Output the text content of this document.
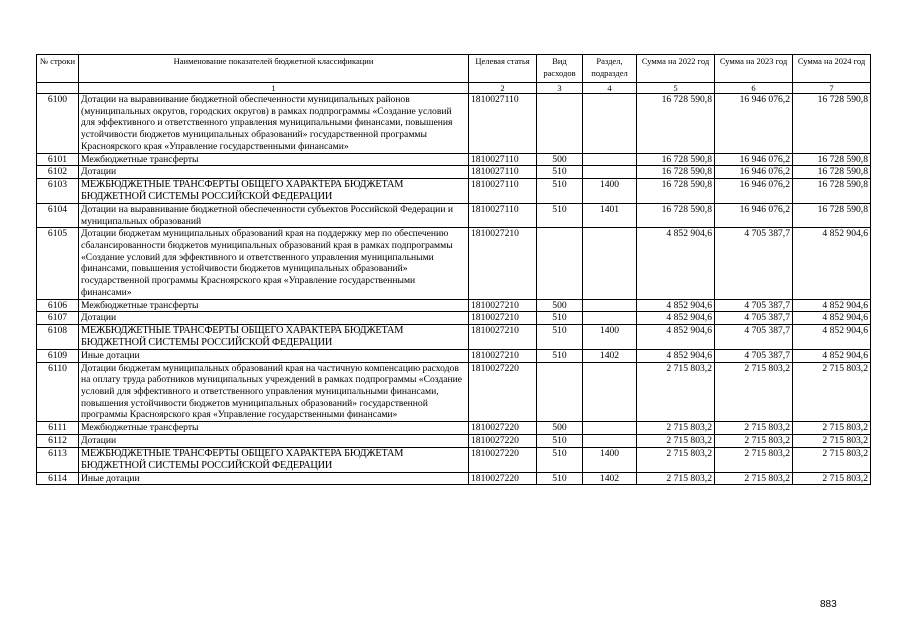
№ строки	Наименование показателей бюджетной классификации	Целевая статья	Вид расходов	Раздел, подраздел	Сумма на 2022 год	Сумма на 2023 год	Сумма на 2024 год
	1	2	3	4	5	6	7
6100	Дотации на выравнивание бюджетной обеспеченности муниципальных районов (муниципальных округов, городских округов) в рамках подпрограммы «Создание условий для эффективного и ответственного управления муниципальными финансами, повышения устойчивости бюджетов муниципальных образований» государственной программы Красноярского края «Управление государственными финансами»	1810027110			16 728 590,8	16 946 076,2	16 728 590,8
6101	Межбюджетные трансферты	1810027110	500		16 728 590,8	16 946 076,2	16 728 590,8
6102	Дотации	1810027110	510		16 728 590,8	16 946 076,2	16 728 590,8
6103	МЕЖБЮДЖЕТНЫЕ ТРАНСФЕРТЫ ОБЩЕГО ХАРАКТЕРА БЮДЖЕТАМ БЮДЖЕТНОЙ СИСТЕМЫ РОССИЙСКОЙ ФЕДЕРАЦИИ	1810027110	510	1400	16 728 590,8	16 946 076,2	16 728 590,8
6104	Дотации на выравнивание бюджетной обеспеченности субъектов Российской Федерации и муниципальных образований	1810027110	510	1401	16 728 590,8	16 946 076,2	16 728 590,8
6105	Дотации бюджетам муниципальных образований края на поддержку мер по обеспечению сбалансированности бюджетов муниципальных образований края в рамках подпрограммы «Создание условий для эффективного и ответственного управления муниципальными финансами, повышения устойчивости бюджетов муниципальных образований» государственной программы Красноярского края «Управление государственными финансами»	1810027210			4 852 904,6	4 705 387,7	4 852 904,6
6106	Межбюджетные трансферты	1810027210	500		4 852 904,6	4 705 387,7	4 852 904,6
6107	Дотации	1810027210	510		4 852 904,6	4 705 387,7	4 852 904,6
6108	МЕЖБЮДЖЕТНЫЕ ТРАНСФЕРТЫ ОБЩЕГО ХАРАКТЕРА БЮДЖЕТАМ БЮДЖЕТНОЙ СИСТЕМЫ РОССИЙСКОЙ ФЕДЕРАЦИИ	1810027210	510	1400	4 852 904,6	4 705 387,7	4 852 904,6
6109	Иные дотации	1810027210	510	1402	4 852 904,6	4 705 387,7	4 852 904,6
6110	Дотации бюджетам муниципальных образований края на частичную компенсацию расходов на оплату труда работников муниципальных учреждений в рамках подпрограммы «Создание условий для эффективного и ответственного управления муниципальными финансами, повышения устойчивости бюджетов муниципальных образований» государственной программы Красноярского края «Управление государственными финансами»	1810027220			2 715 803,2	2 715 803,2	2 715 803,2
6111	Межбюджетные трансферты	1810027220	500		2 715 803,2	2 715 803,2	2 715 803,2
6112	Дотации	1810027220	510		2 715 803,2	2 715 803,2	2 715 803,2
6113	МЕЖБЮДЖЕТНЫЕ ТРАНСФЕРТЫ ОБЩЕГО ХАРАКТЕРА БЮДЖЕТАМ БЮДЖЕТНОЙ СИСТЕМЫ РОССИЙСКОЙ ФЕДЕРАЦИИ	1810027220	510	1400	2 715 803,2	2 715 803,2	2 715 803,2
6114	Иные дотации	1810027220	510	1402	2 715 803,2	2 715 803,2	2 715 803,2
883
